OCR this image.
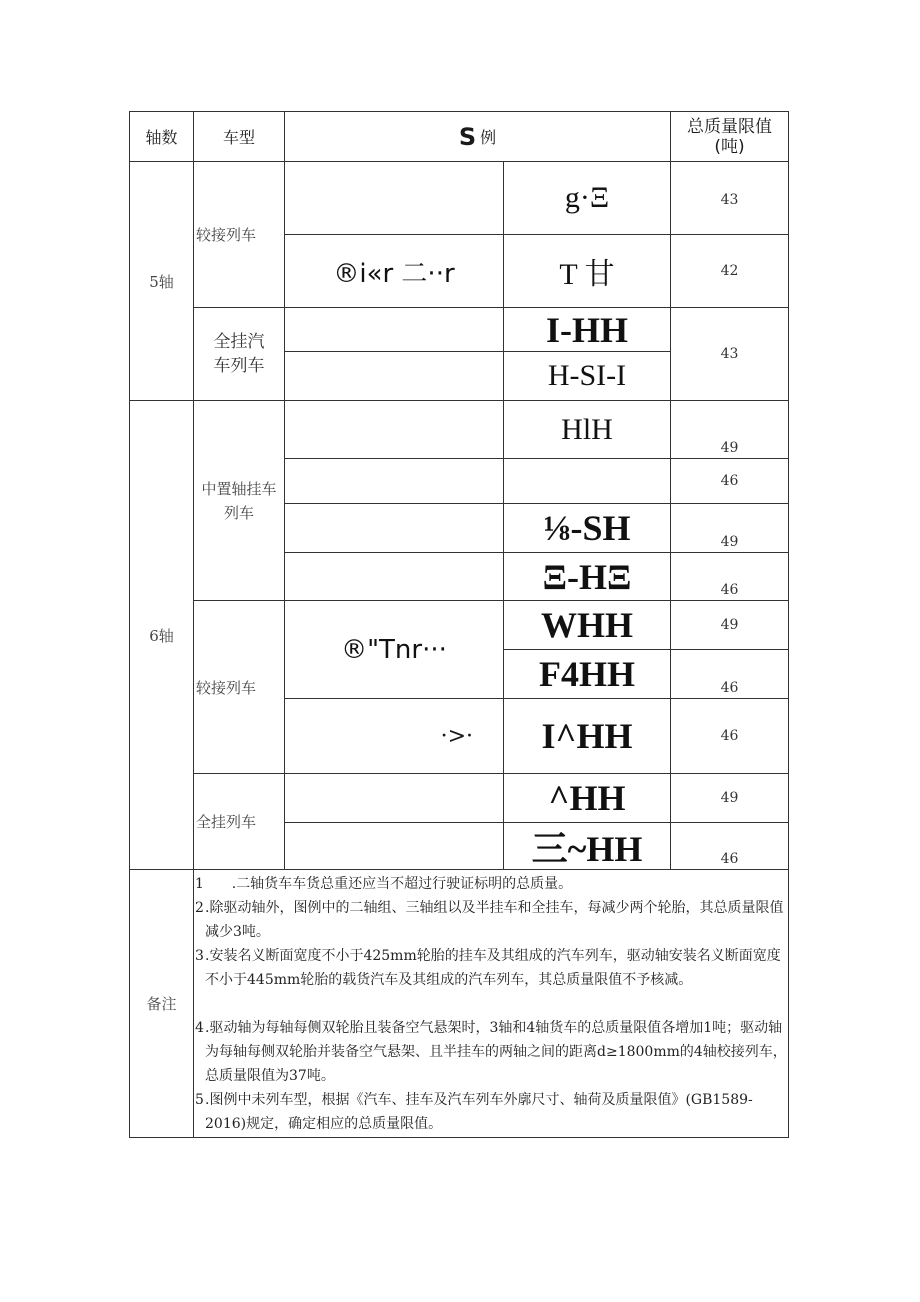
轴数	车型	S 例
总质量限值
(吨)
5轴
6轴
较接列车
全挂汽车列车
中置轴挂车列车
较接列车
全挂列车
®i«r ⼆··r
®"Tnr···
·>·
g·Ξ
T 甘
I-HH
H-SI-I
HlH
⅛-SH
Ξ-HΞ
WHH
F4HH
I^HH
^HH
三~HH
43
42
43
49
46
49
46
49
46
46
49
46
备注
1 .二轴货车车货总重还应当不超过行驶证标明的总质量。
2 .除驱动轴外，图例中的二轴组、三轴组以及半挂车和全挂车，每减少两个轮胎，其总质量限值减少3吨。
3 .安装名义断面宽度不小于425mm轮胎的挂车及其组成的汽车列车，驱动轴安装名义断面宽度不小于445mm轮胎的载货汽车及其组成的汽车列车，其总质量限值不予核减。
4 .驱动轴为每轴每侧双轮胎且装备空气悬架时，3轴和4轴货车的总质量限值各增加1吨；驱动轴为每轴每侧双轮胎并装备空气悬架、且半挂车的两轴之间的距离d≥1800mm的4轴校接列车，总质量限值为37吨。
5 .图例中未列车型，根据《汽车、挂车及汽车列车外廓尺寸、轴荷及质量限值》(GB1589-2016)规定，确定相应的总质量限值。
